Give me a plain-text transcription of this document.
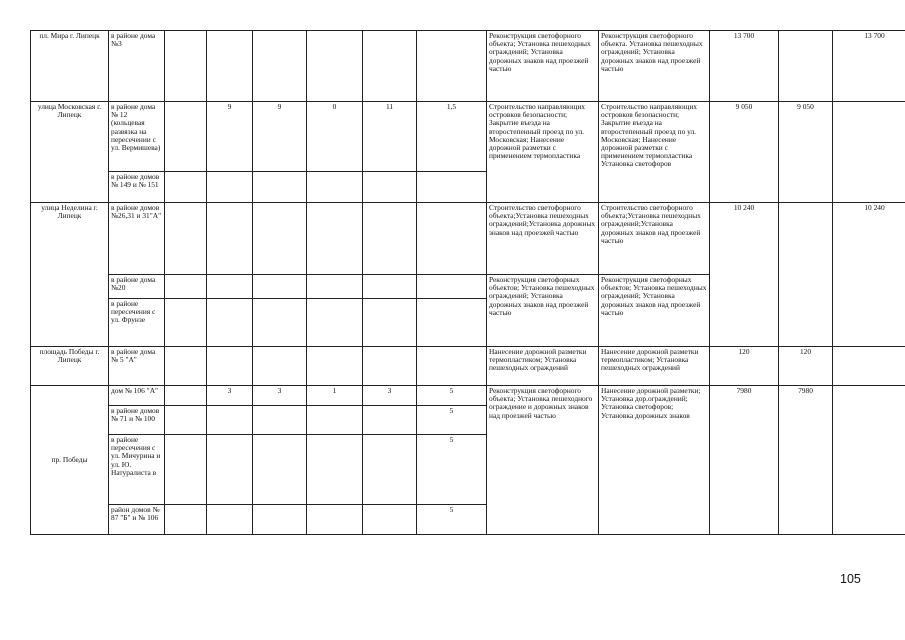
пл. Мира г. Липецк	в районе дома №3							Реконструкция светофорного объекта; Установка пешеходных ограждений; Установка дорожных знаков над проезжей частью	Реконструкция светофорного объекта. Установка пешеходных ограждений; Установка дорожных знаков над проезжей частью	13 700		13 700
улица Московская г. Липецк	в районе дома № 12 (кольцевая развязка на пересечении с ул. Вермишева)		9	9	0	11	1,5	Строительство направляющих островков безопасности; Закрытие въезда на второстепенный проезд по ул. Московская; Нанесение дорожной разметки с применением термопластика	Строительство направляющих островков безопасности; Закрытие въезда на второстепенный проезд по ул. Московская; Нанесение дорожной разметки с применением термопластика Установка светофоров	9 050	9 050	
	в районе домов № 149 и № 151											
улица Неделина г. Липецк	в районе домов №26,31 и 31"А"							Строительство светофорного объекта;Установка пешеходных ограждений;Установка дорожных знаков над проезжей частью	Строительство светофорного объекта;Установка пешеходных ограждений;Установка дорожных знаков над проезжей частью	10 240		10 240
	в районе дома №20							Реконструкция светофорных объектов; Установка пешеходных ограждений; Установка дорожных знаков над проезжей частью	Реконструкция светофорных объектов; Установка пешеходных ограждений; Установка дорожных знаков над проезжей частью			
	в районе пересечения с ул. Фрунзе											
площадь Победы г. Липецк	в районе дома № 5 "А"							Нанесение дорожной разметки термопластиком; Установка пешеходных ограждений	Нанесение дорожной разметки термопластиком; Установка пешеходных ограждений	120	120	
пр. Победы	дом № 106 "А"		3	3	1	3	5	Реконструкция светофорного объекта; Установка пешеходного ограждение и дорожных знаков над проезжей частью	Нанесение дорожной разметки; Установка дор.ограждений; Установка светофоров; Установка дорожных знаков	7980	7980	
	в районе домов № 71 и № 100						5					
	в районе пересечения с ул. Мичурина и ул. Ю. Натуралиста в						5					
	район домов № 87 "Б" и № 106						5					
105
